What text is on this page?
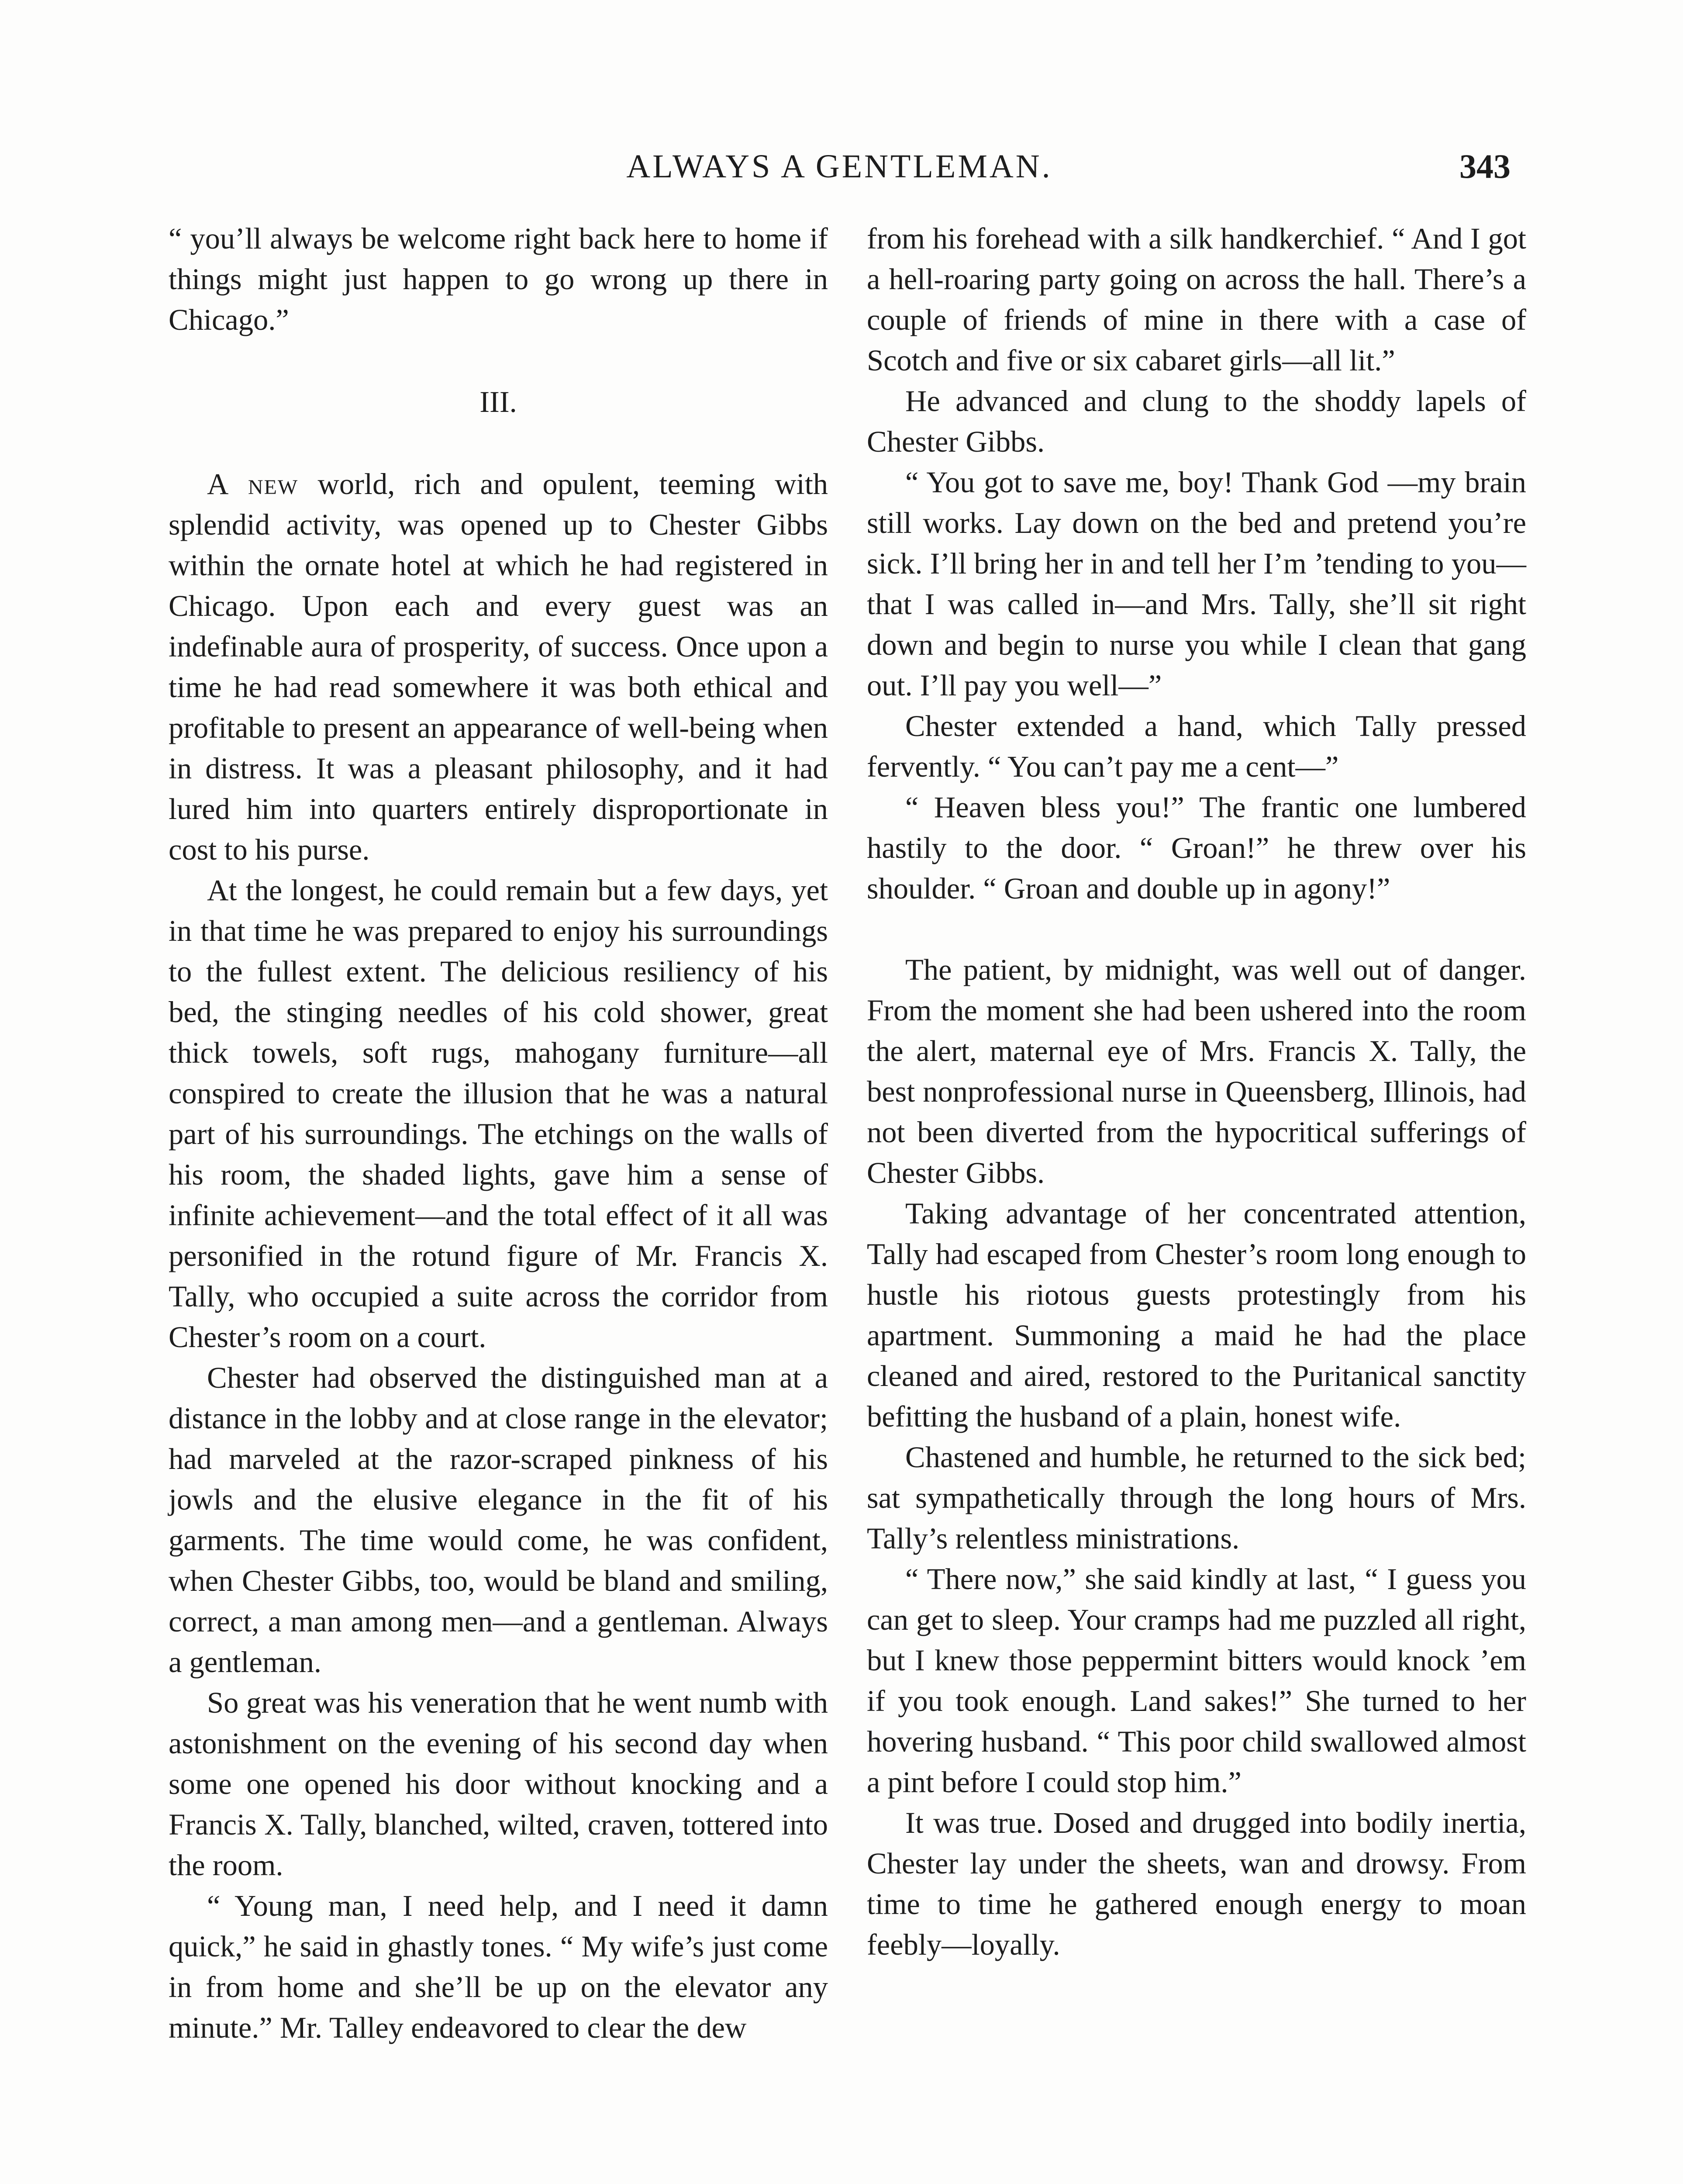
ALWAYS A GENTLEMAN.	343

“ you’ll always be welcome right back here to home if things might just happen to go wrong up there in Chicago.”

III.

A new world, rich and opulent, teeming with splendid activity, was opened up to Chester Gibbs within the ornate hotel at which he had registered in Chicago. Upon each and every guest was an indefinable aura of prosperity, of success. Once upon a time he had read somewhere it was both ethical and profitable to present an appearance of well-being when in distress. It was a pleasant philosophy, and it had lured him into quarters entirely disproportionate in cost to his purse.

At the longest, he could remain but a few days, yet in that time he was prepared to enjoy his surroundings to the fullest extent. The delicious resiliency of his bed, the stinging needles of his cold shower, great thick towels, soft rugs, mahogany furniture—all conspired to create the illusion that he was a natural part of his surroundings. The etchings on the walls of his room, the shaded lights, gave him a sense of infinite achievement—and the total effect of it all was personified in the rotund figure of Mr. Francis X. Tally, who occupied a suite across the corridor from Chester’s room on a court.

Chester had observed the distinguished man at a distance in the lobby and at close range in the elevator; had marveled at the razor-scraped pinkness of his jowls and the elusive elegance in the fit of his garments. The time would come, he was confident, when Chester Gibbs, too, would be bland and smiling, correct, a man among men—and a gentleman. Always a gentleman.

So great was his veneration that he went numb with astonishment on the evening of his second day when some one opened his door without knocking and a Francis X. Tally, blanched, wilted, craven, tottered into the room.

“ Young man, I need help, and I need it damn quick,” he said in ghastly tones. “ My wife’s just come in from home and she’ll be up on the elevator any minute.” Mr. Talley endeavored to clear the dew

from his forehead with a silk handkerchief. “ And I got a hell-roaring party going on across the hall. There’s a couple of friends of mine in there with a case of Scotch and five or six cabaret girls—all lit.”

He advanced and clung to the shoddy lapels of Chester Gibbs.

“ You got to save me, boy! Thank God —my brain still works. Lay down on the bed and pretend you’re sick. I’ll bring her in and tell her I’m ’tending to you—that I was called in—and Mrs. Tally, she’ll sit right down and begin to nurse you while I clean that gang out. I’ll pay you well—”

Chester extended a hand, which Tally pressed fervently. “ You can’t pay me a cent—”

“ Heaven bless you!” The frantic one lumbered hastily to the door. “ Groan!” he threw over his shoulder. “ Groan and double up in agony!”

The patient, by midnight, was well out of danger. From the moment she had been ushered into the room the alert, maternal eye of Mrs. Francis X. Tally, the best nonprofessional nurse in Queensberg, Illinois, had not been diverted from the hypocritical sufferings of Chester Gibbs.

Taking advantage of her concentrated attention, Tally had escaped from Chester’s room long enough to hustle his riotous guests protestingly from his apartment. Summoning a maid he had the place cleaned and aired, restored to the Puritanical sanctity befitting the husband of a plain, honest wife.

Chastened and humble, he returned to the sick bed; sat sympathetically through the long hours of Mrs. Tally’s relentless ministrations.

“ There now,” she said kindly at last, “ I guess you can get to sleep. Your cramps had me puzzled all right, but I knew those peppermint bitters would knock ’em if you took enough. Land sakes!” She turned to her hovering husband. “ This poor child swallowed almost a pint before I could stop him.”

It was true. Dosed and drugged into bodily inertia, Chester lay under the sheets, wan and drowsy. From time to time he gathered enough energy to moan feebly—loyally.
